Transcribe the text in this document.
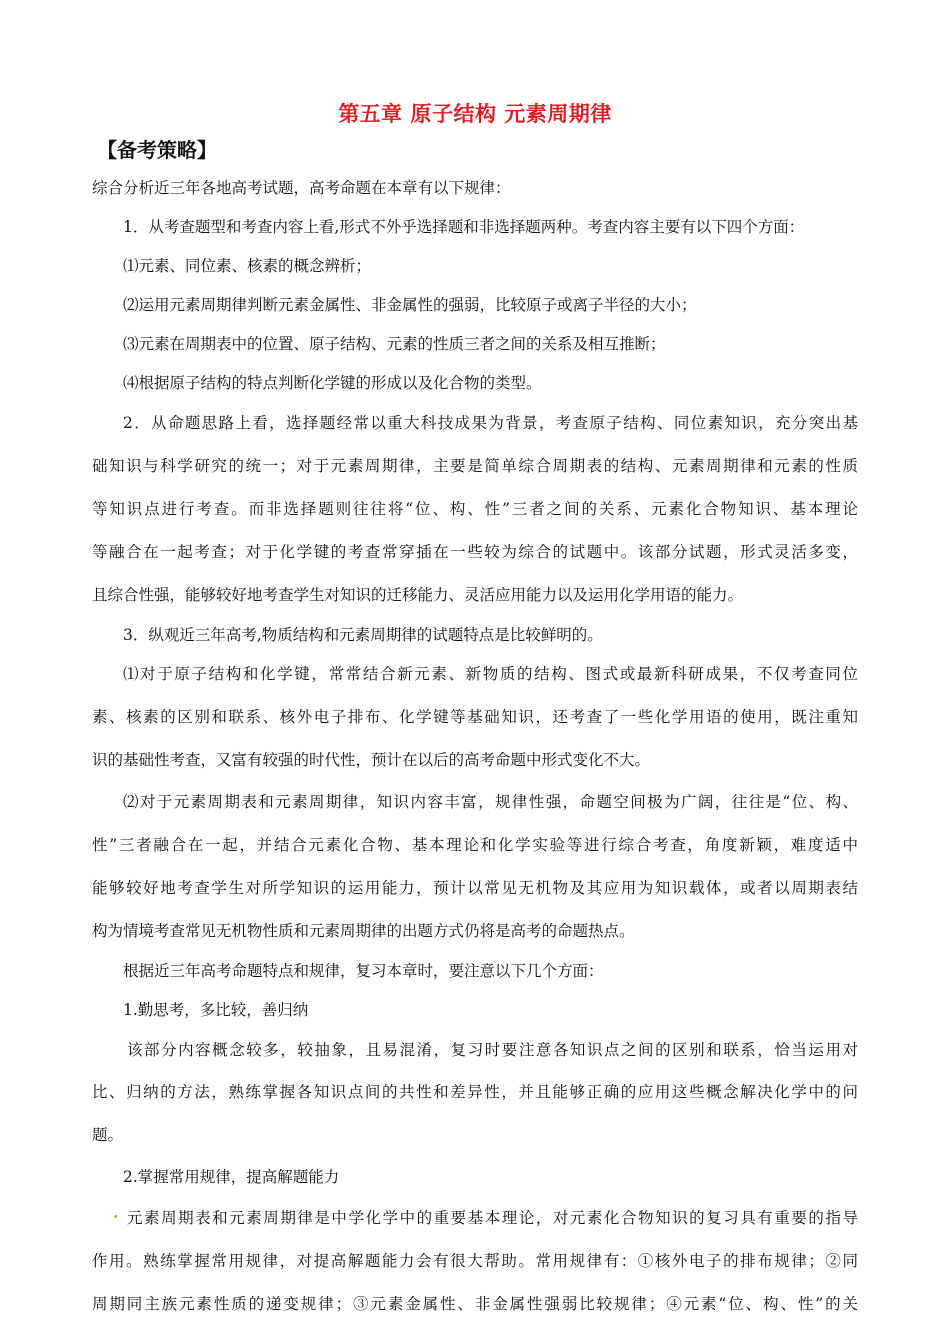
第五章 原子结构 元素周期律
【备考策略】
综合分析近三年各地高考试题，高考命题在本章有以下规律：
1．从考查题型和考查内容上看,形式不外乎选择题和非选择题两种。考查内容主要有以下四个方面：
⑴元素、同位素、核素的概念辨析；
⑵运用元素周期律判断元素金属性、非金属性的强弱，比较原子或离子半径的大小；
⑶元素在周期表中的位置、原子结构、元素的性质三者之间的关系及相互推断；
⑷根据原子结构的特点判断化学键的形成以及化合物的类型。
2．从命题思路上看，选择题经常以重大科技成果为背景，考查原子结构、同位素知识，充分突出基
础知识与科学研究的统一；对于元素周期律，主要是简单综合周期表的结构、元素周期律和元素的性质
等知识点进行考查。而非选择题则往往将“位、构、性”三者之间的关系、元素化合物知识、基本理论
等融合在一起考查；对于化学键的考查常穿插在一些较为综合的试题中。该部分试题，形式灵活多变，
且综合性强，能够较好地考查学生对知识的迁移能力、灵活应用能力以及运用化学用语的能力。
3．纵观近三年高考,物质结构和元素周期律的试题特点是比较鲜明的。
⑴对于原子结构和化学键，常常结合新元素、新物质的结构、图式或最新科研成果，不仅考查同位
素、核素的区别和联系、核外电子排布、化学键等基础知识，还考查了一些化学用语的使用，既注重知
识的基础性考查，又富有较强的时代性，预计在以后的高考命题中形式变化不大。
⑵对于元素周期表和元素周期律，知识内容丰富，规律性强，命题空间极为广阔，往往是“位、构、
性”三者融合在一起，并结合元素化合物、基本理论和化学实验等进行综合考查，角度新颖，难度适中
能够较好地考查学生对所学知识的运用能力，预计以常见无机物及其应用为知识载体，或者以周期表结
构为情境考查常见无机物性质和元素周期律的出题方式仍将是高考的命题热点。
根据近三年高考命题特点和规律，复习本章时，要注意以下几个方面：
1.勤思考，多比较，善归纳
该部分内容概念较多，较抽象，且易混淆，复习时要注意各知识点之间的区别和联系，恰当运用对
比、归纳的方法，熟练掌握各知识点间的共性和差异性，并且能够正确的应用这些概念解决化学中的问
题。
2.掌握常用规律，提高解题能力
. 元素周期表和元素周期律是中学化学中的重要基本理论，对元素化合物知识的复习具有重要的指导
作用。熟练掌握常用规律，对提高解题能力会有很大帮助。常用规律有：①核外电子的排布规律；②同
周期同主族元素性质的递变规律；③元素金属性、非金属性强弱比较规律；④元素“位、构、性”的关
